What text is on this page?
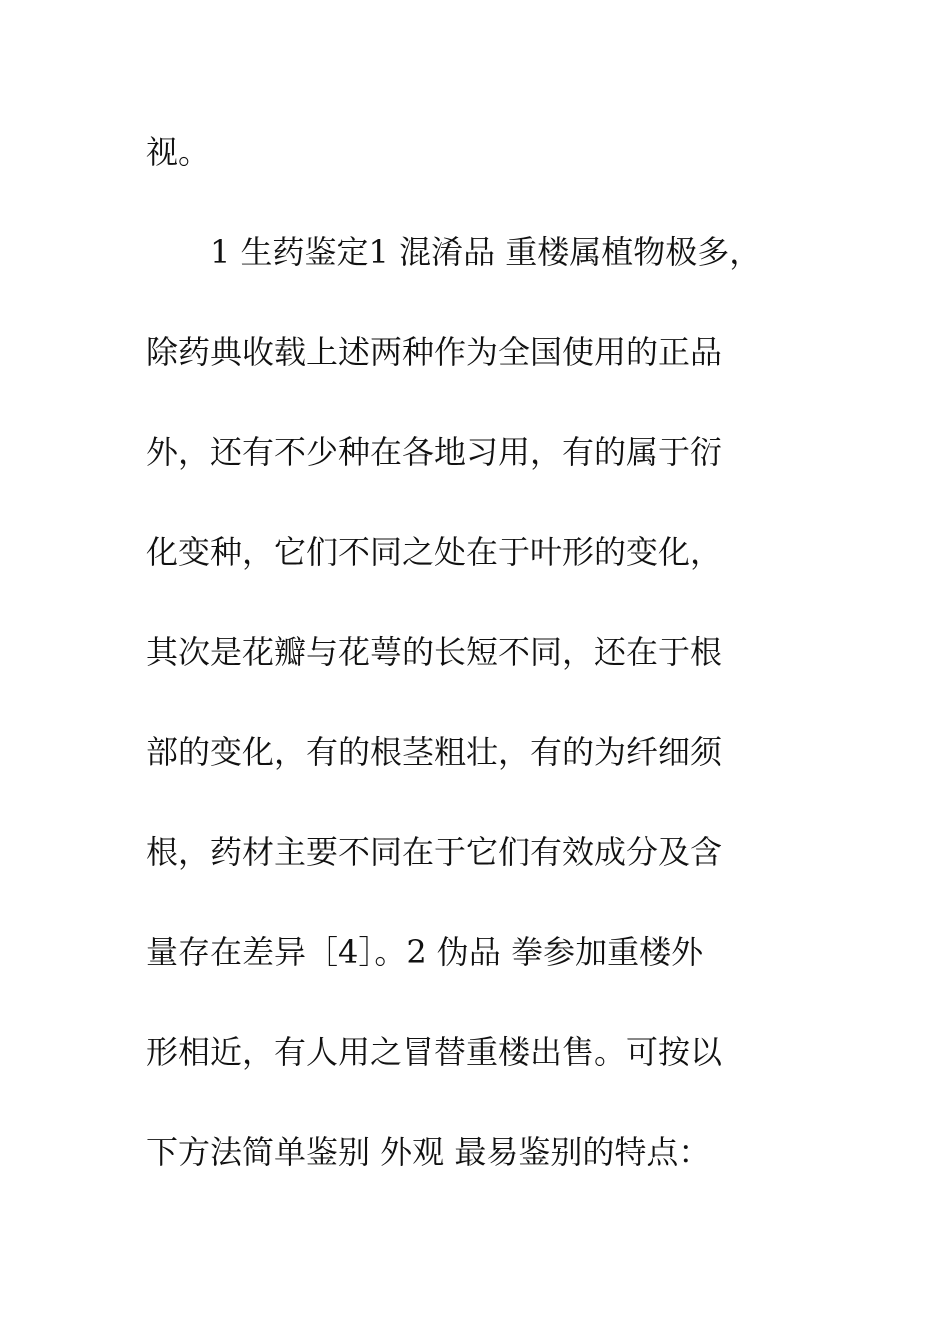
视。

1 生药鉴定1 混淆品 重楼属植物极多，

除药典收载上述两种作为全国使用的正品

外，还有不少种在各地习用，有的属于衍

化变种，它们不同之处在于叶形的变化，

其次是花瓣与花萼的长短不同，还在于根

部的变化，有的根茎粗壮，有的为纤细须

根，药材主要不同在于它们有效成分及含

量存在差异［4］。2 伪品 拳参加重楼外

形相近，有人用之冒替重楼出售。可按以

下方法简单鉴别 外观 最易鉴别的特点：
